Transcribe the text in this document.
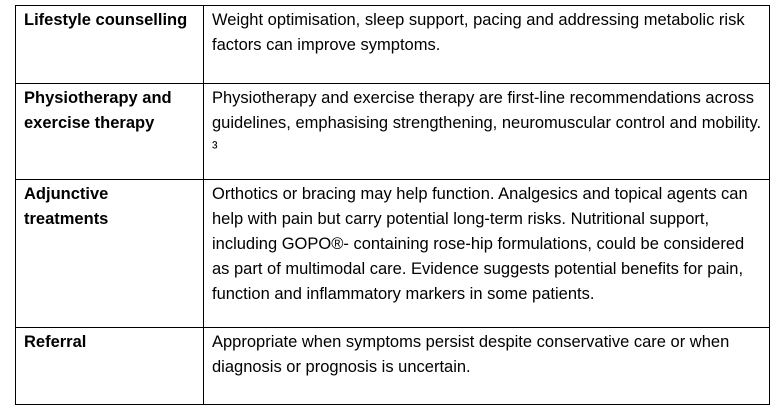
Lifestyle counselling	Weight optimisation, sleep support, pacing and addressing metabolic risk factors can improve symptoms.
Physiotherapy and exercise therapy	Physiotherapy and exercise therapy are first-line recommendations across guidelines, emphasising strengthening, neuromuscular control and mobility. ³
Adjunctive treatments	Orthotics or bracing may help function. Analgesics and topical agents can help with pain but carry potential long-term risks. Nutritional support, including GOPO®- containing rose-hip formulations, could be considered as part of multimodal care. Evidence suggests potential benefits for pain, function and inflammatory markers in some patients.
Referral	Appropriate when symptoms persist despite conservative care or when diagnosis or prognosis is uncertain.
